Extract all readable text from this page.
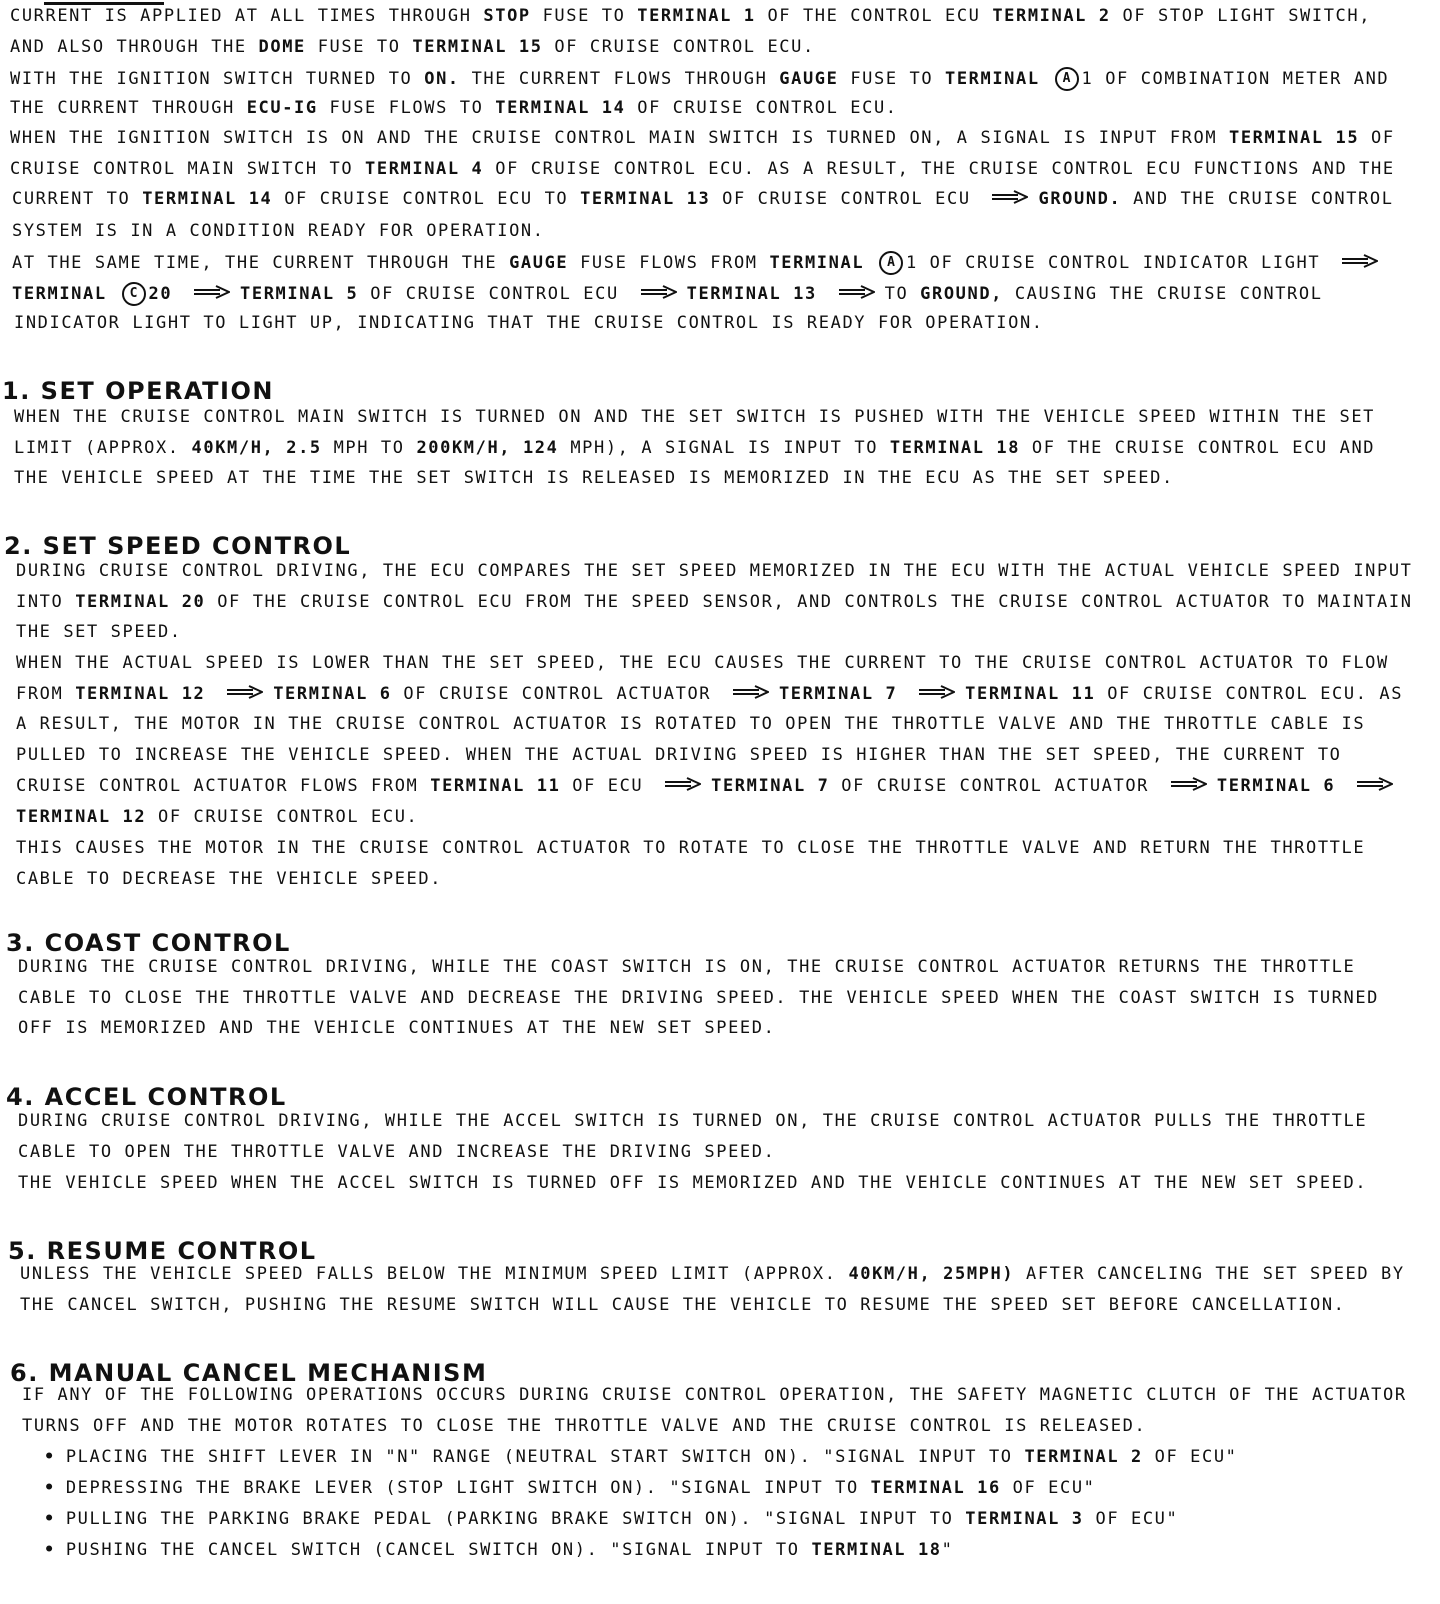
1. SET OPERATION
2. SET SPEED CONTROL
3. COAST CONTROL
4. ACCEL CONTROL
5. RESUME CONTROL
6. MANUAL CANCEL MECHANISM
CURRENT IS APPLIED AT ALL TIMES THROUGH STOP FUSE TO TERMINAL 1 OF THE CONTROL ECU TERMINAL 2 OF STOP LIGHT SWITCH,
AND ALSO THROUGH THE DOME FUSE TO TERMINAL 15 OF CRUISE CONTROL ECU.
WITH THE IGNITION SWITCH TURNED TO ON. THE CURRENT FLOWS THROUGH GAUGE FUSE TO TERMINAL A 1 OF COMBINATION METER AND
THE CURRENT THROUGH ECU-IG FUSE FLOWS TO TERMINAL 14 OF CRUISE CONTROL ECU.
WHEN THE IGNITION SWITCH IS ON AND THE CRUISE CONTROL MAIN SWITCH IS TURNED ON, A SIGNAL IS INPUT FROM TERMINAL 15 OF
CRUISE CONTROL MAIN SWITCH TO TERMINAL 4 OF CRUISE CONTROL ECU. AS A RESULT, THE CRUISE CONTROL ECU FUNCTIONS AND THE
CURRENT TO TERMINAL 14 OF CRUISE CONTROL ECU TO TERMINAL 13 OF CRUISE CONTROL ECU	GROUND. AND THE CRUISE CONTROL
SYSTEM IS IN A CONDITION READY FOR OPERATION.
AT THE SAME TIME, THE CURRENT THROUGH THE GAUGE FUSE FLOWS FROM TERMINAL A 1 OF CRUISE CONTROL INDICATOR LIGHT
TERMINAL C 20	TERMINAL 5 OF CRUISE CONTROL ECU	TERMINAL 13	TO GROUND, CAUSING THE CRUISE CONTROL
INDICATOR LIGHT TO LIGHT UP, INDICATING THAT THE CRUISE CONTROL IS READY FOR OPERATION.
WHEN THE CRUISE CONTROL MAIN SWITCH IS TURNED ON AND THE SET SWITCH IS PUSHED WITH THE VEHICLE SPEED WITHIN THE SET
LIMIT (APPROX. 40KM/H, 2.5 MPH TO 200KM/H, 124 MPH), A SIGNAL IS INPUT TO TERMINAL 18 OF THE CRUISE CONTROL ECU AND
THE VEHICLE SPEED AT THE TIME THE SET SWITCH IS RELEASED IS MEMORIZED IN THE ECU AS THE SET SPEED.
DURING CRUISE CONTROL DRIVING, THE ECU COMPARES THE SET SPEED MEMORIZED IN THE ECU WITH THE ACTUAL VEHICLE SPEED INPUT
INTO TERMINAL 20 OF THE CRUISE CONTROL ECU FROM THE SPEED SENSOR, AND CONTROLS THE CRUISE CONTROL ACTUATOR TO MAINTAIN
THE SET SPEED.
WHEN THE ACTUAL SPEED IS LOWER THAN THE SET SPEED, THE ECU CAUSES THE CURRENT TO THE CRUISE CONTROL ACTUATOR TO FLOW
FROM TERMINAL 12	TERMINAL 6 OF CRUISE CONTROL ACTUATOR	TERMINAL 7	TERMINAL 11 OF CRUISE CONTROL ECU. AS
A RESULT, THE MOTOR IN THE CRUISE CONTROL ACTUATOR IS ROTATED TO OPEN THE THROTTLE VALVE AND THE THROTTLE CABLE IS
PULLED TO INCREASE THE VEHICLE SPEED. WHEN THE ACTUAL DRIVING SPEED IS HIGHER THAN THE SET SPEED, THE CURRENT TO
CRUISE CONTROL ACTUATOR FLOWS FROM TERMINAL 11 OF ECU	TERMINAL 7 OF CRUISE CONTROL ACTUATOR	TERMINAL 6
TERMINAL 12 OF CRUISE CONTROL ECU.
THIS CAUSES THE MOTOR IN THE CRUISE CONTROL ACTUATOR TO ROTATE TO CLOSE THE THROTTLE VALVE AND RETURN THE THROTTLE
CABLE TO DECREASE THE VEHICLE SPEED.
DURING THE CRUISE CONTROL DRIVING, WHILE THE COAST SWITCH IS ON, THE CRUISE CONTROL ACTUATOR RETURNS THE THROTTLE
CABLE TO CLOSE THE THROTTLE VALVE AND DECREASE THE DRIVING SPEED. THE VEHICLE SPEED WHEN THE COAST SWITCH IS TURNED
OFF IS MEMORIZED AND THE VEHICLE CONTINUES AT THE NEW SET SPEED.
DURING CRUISE CONTROL DRIVING, WHILE THE ACCEL SWITCH IS TURNED ON, THE CRUISE CONTROL ACTUATOR PULLS THE THROTTLE
CABLE TO OPEN THE THROTTLE VALVE AND INCREASE THE DRIVING SPEED.
THE VEHICLE SPEED WHEN THE ACCEL SWITCH IS TURNED OFF IS MEMORIZED AND THE VEHICLE CONTINUES AT THE NEW SET SPEED.
UNLESS THE VEHICLE SPEED FALLS BELOW THE MINIMUM SPEED LIMIT (APPROX. 40KM/H, 25MPH) AFTER CANCELING THE SET SPEED BY
THE CANCEL SWITCH, PUSHING THE RESUME SWITCH WILL CAUSE THE VEHICLE TO RESUME THE SPEED SET BEFORE CANCELLATION.
IF ANY OF THE FOLLOWING OPERATIONS OCCURS DURING CRUISE CONTROL OPERATION, THE SAFETY MAGNETIC CLUTCH OF THE ACTUATOR
TURNS OFF AND THE MOTOR ROTATES TO CLOSE THE THROTTLE VALVE AND THE CRUISE CONTROL IS RELEASED.
• PLACING THE SHIFT LEVER IN "N" RANGE (NEUTRAL START SWITCH ON). "SIGNAL INPUT TO TERMINAL 2 OF ECU"
• DEPRESSING THE BRAKE LEVER (STOP LIGHT SWITCH ON). "SIGNAL INPUT TO TERMINAL 16 OF ECU"
• PULLING THE PARKING BRAKE PEDAL (PARKING BRAKE SWITCH ON). "SIGNAL INPUT TO TERMINAL 3 OF ECU"
• PUSHING THE CANCEL SWITCH (CANCEL SWITCH ON). "SIGNAL INPUT TO TERMINAL 18"
